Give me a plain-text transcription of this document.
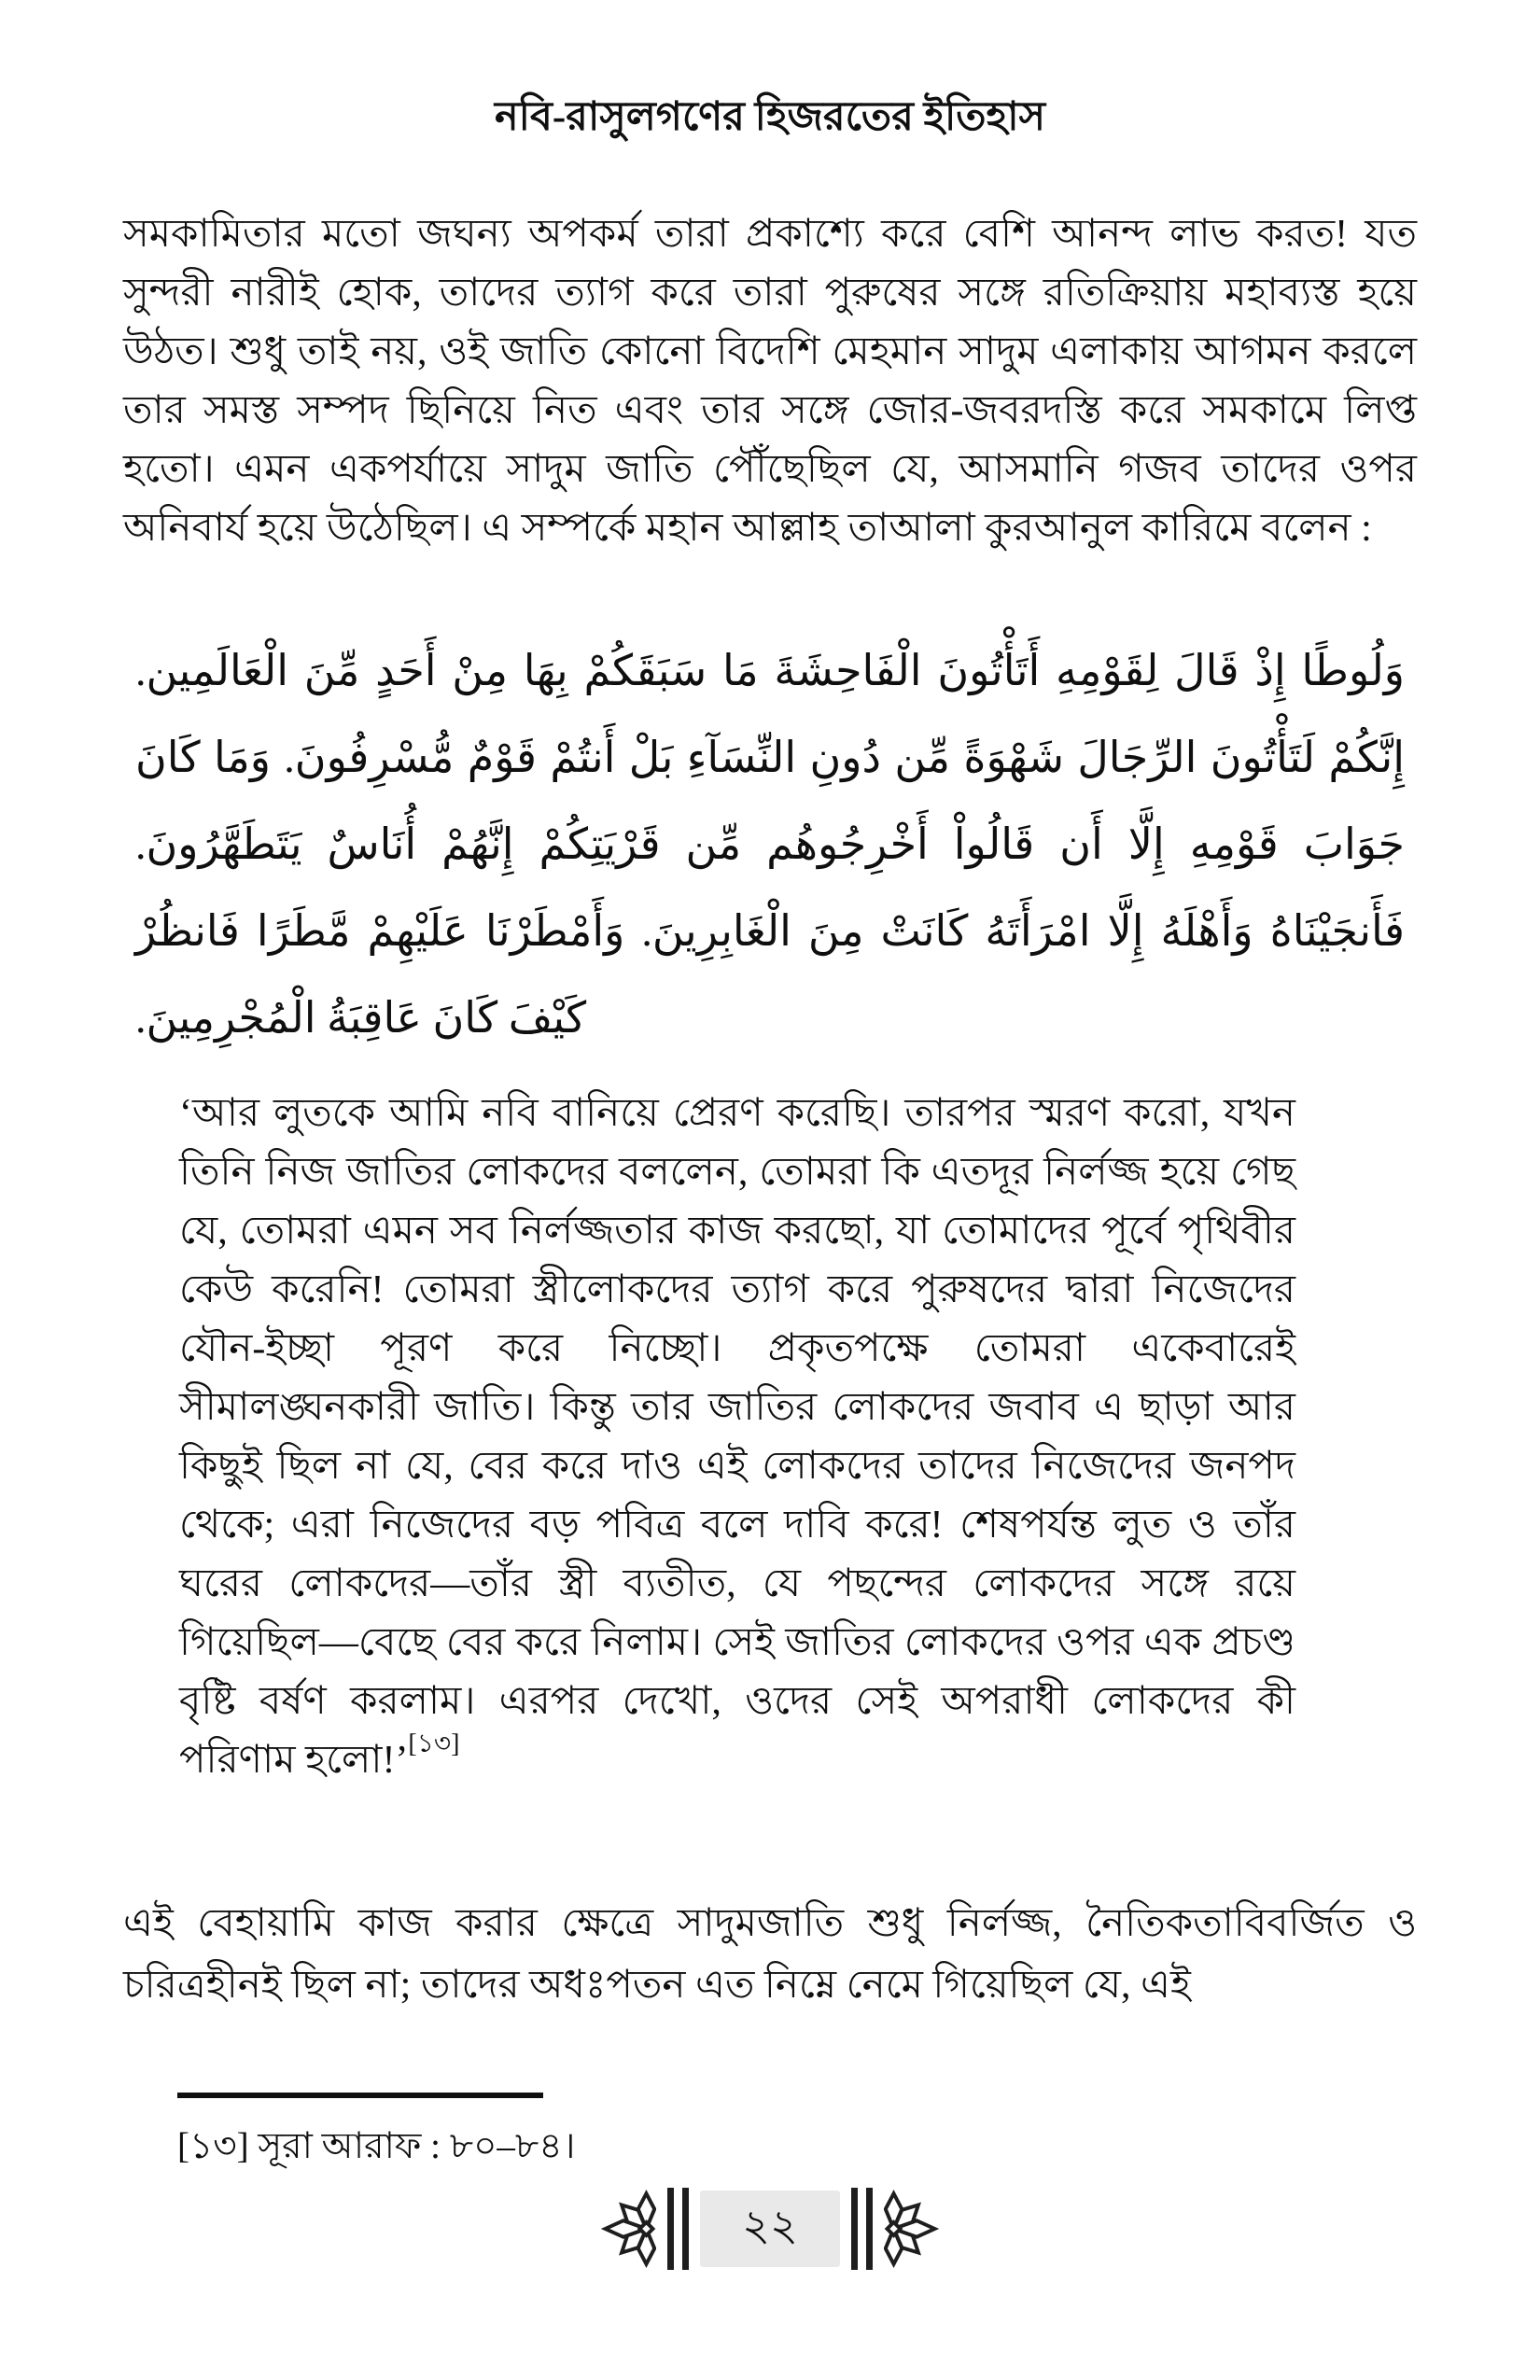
নবি-রাসুলগণের হিজরতের ইতিহাস

সমকামিতার মতো জঘন্য অপকর্ম তারা প্রকাশ্যে করে বেশি আনন্দ লাভ করত! যত সুন্দরী নারীই হোক, তাদের ত্যাগ করে তারা পুরুষের সঙ্গে রতিক্রিয়ায় মহাব্যস্ত হয়ে উঠত। শুধু তাই নয়, ওই জাতি কোনো বিদেশি মেহমান সাদুম এলাকায় আগমন করলে তার সমস্ত সম্পদ ছিনিয়ে নিত এবং তার সঙ্গে জোর-জবরদস্তি করে সমকামে লিপ্ত হতো। এমন একপর্যায়ে সাদুম জাতি পৌঁছেছিল যে, আসমানি গজব তাদের ওপর অনিবার্য হয়ে উঠেছিল। এ সম্পর্কে মহান আল্লাহ তাআলা কুরআনুল কারিমে বলেন :

وَلُوطًا إِذْ قَالَ لِقَوْمِهِ أَتَأْتُونَ الْفَاحِشَةَ مَا سَبَقَكُمْ بِهَا مِنْ أَحَدٍ مِّنَ الْعَالَمِين. إِنَّكُمْ لَتَأْتُونَ الرِّجَالَ شَهْوَةً مِّن دُونِ النِّسَآءِ بَلْ أَنتُمْ قَوْمٌ مُّسْرِفُونَ. وَمَا كَانَ جَوَابَ قَوْمِهِ إِلَّا أَن قَالُواْ أَخْرِجُوهُم مِّن قَرْيَتِكُمْ إِنَّهُمْ أُنَاسٌ يَتَطَهَّرُونَ. فَأَنجَيْنَاهُ وَأَهْلَهُ إِلَّا امْرَأَتَهُ كَانَتْ مِنَ الْغَابِرِينَ. وَأَمْطَرْنَا عَلَيْهِمْ مَّطَرًا فَانظُرْ كَيْفَ كَانَ عَاقِبَةُ الْمُجْرِمِينَ.
‘আর লুতকে আমি নবি বানিয়ে প্রেরণ করেছি। তারপর স্মরণ করো, যখন তিনি নিজ জাতির লোকদের বললেন, তোমরা কি এতদূর নির্লজ্জ হয়ে গেছ যে, তোমরা এমন সব নির্লজ্জতার কাজ করছো, যা তোমাদের পূর্বে পৃথিবীর কেউ করেনি! তোমরা স্ত্রীলোকদের ত্যাগ করে পুরুষদের দ্বারা নিজেদের যৌন-ইচ্ছা পূরণ করে নিচ্ছো। প্রকৃতপক্ষে তোমরা একেবারেই সীমালঙ্ঘনকারী জাতি। কিন্তু তার জাতির লোকদের জবাব এ ছাড়া আর কিছুই ছিল না যে, বের করে দাও এই লোকদের তাদের নিজেদের জনপদ থেকে; এরা নিজেদের বড় পবিত্র বলে দাবি করে! শেষপর্যন্ত লুত ও তাঁর ঘরের লোকদের—তাঁর স্ত্রী ব্যতীত, যে পছন্দের লোকদের সঙ্গে রয়ে গিয়েছিল—বেছে বের করে নিলাম। সেই জাতির লোকদের ওপর এক প্রচণ্ড বৃষ্টি বর্ষণ করলাম। এরপর দেখো, ওদের সেই অপরাধী লোকদের কী পরিণাম হলো!’[১৩]

এই বেহায়ামি কাজ করার ক্ষেত্রে সাদুমজাতি শুধু নির্লজ্জ, নৈতিকতাবিবর্জিত ও চরিত্রহীনই ছিল না; তাদের অধঃপতন এত নিম্নে নেমে গিয়েছিল যে, এই

[১৩] সূরা আরাফ : ৮০–৮৪।

২২
